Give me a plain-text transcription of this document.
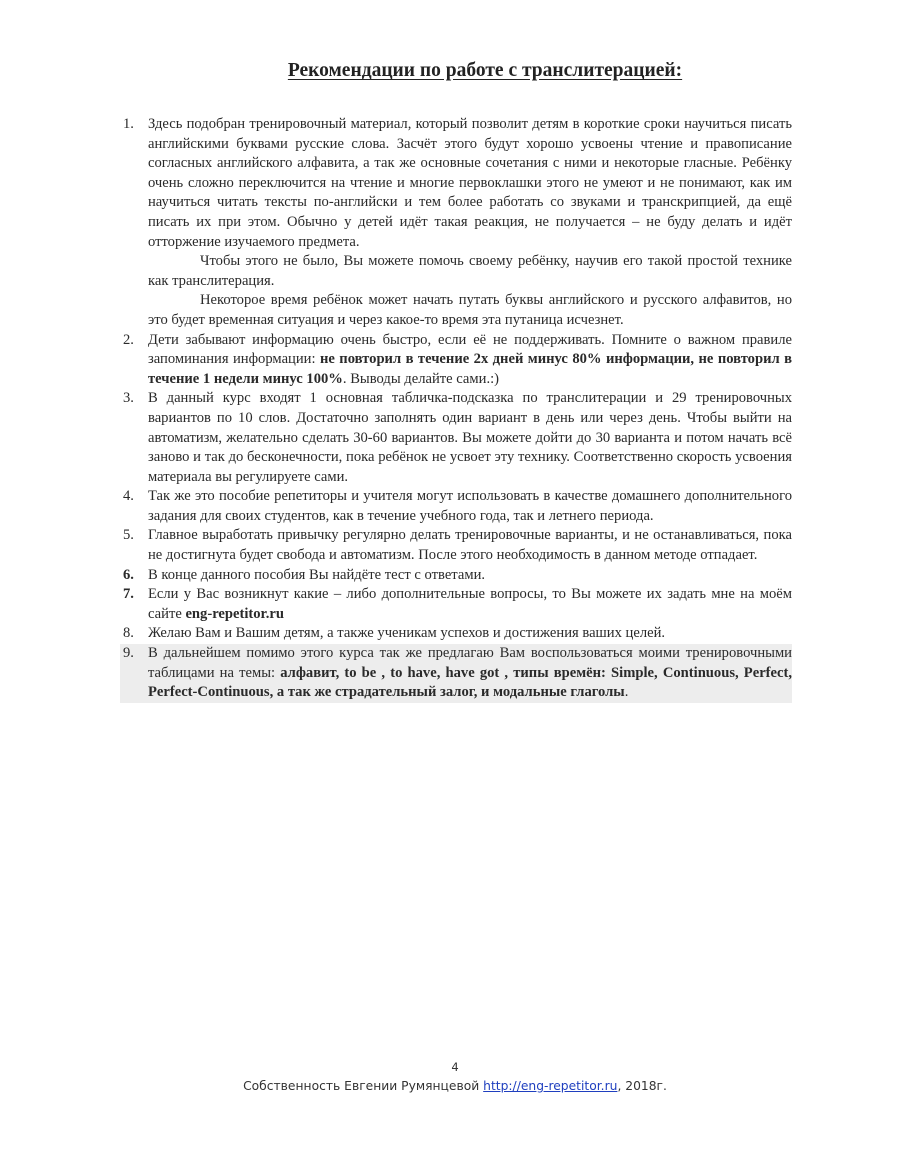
Рекомендации по работе с транслитерацией:
1. Здесь подобран тренировочный материал, который позволит детям в короткие сроки научиться писать английскими буквами русские слова. Засчёт этого будут хорошо усвоены чтение и правописание согласных английского алфавита, а так же основные сочетания с ними и некоторые гласные. Ребёнку очень сложно переключится на чтение и многие первоклашки этого не умеют и не понимают, как им научиться читать тексты по-английски и тем более работать со звуками и транскрипцией, да ещё писать их при этом. Обычно у детей идёт такая реакция, не получается – не буду делать и идёт отторжение изучаемого предмета.
Чтобы этого не было, Вы можете помочь своему ребёнку, научив его такой простой технике как транслитерация.
Некоторое время ребёнок может начать путать буквы английского и русского алфавитов, но это будет временная ситуация и через какое-то время эта путаница исчезнет.
2. Дети забывают информацию очень быстро, если её не поддерживать. Помните о важном правиле запоминания информации: не повторил в течение 2х дней минус 80% информации, не повторил в течение 1 недели минус 100%. Выводы делайте сами.:)
3. В данный курс входят 1 основная табличка-подсказка по транслитерации и 29 тренировочных вариантов по 10 слов. Достаточно заполнять один вариант в день или через день. Чтобы выйти на автоматизм, желательно сделать 30-60 вариантов. Вы можете дойти до 30 варианта и потом начать всё заново и так до бесконечности, пока ребёнок не усвоет эту технику. Соответственно скорость усвоения материала вы регулируете сами.
4. Так же это пособие репетиторы и учителя могут использовать в качестве домашнего дополнительного задания для своих студентов, как в течение учебного года, так и летнего периода.
5. Главное выработать привычку регулярно делать тренировочные варианты, и не останавливаться, пока не достигнута будет свобода и автоматизм. После этого необходимость в данном методе отпадает.
6. В конце данного пособия Вы найдёте тест с ответами.
7. Если у Вас возникнут какие – либо дополнительные вопросы, то Вы можете их задать мне на моём сайте eng-repetitor.ru
8. Желаю Вам и Вашим детям, а также ученикам успехов и достижения ваших целей.
9. В дальнейшем помимо этого курса так же предлагаю Вам воспользоваться моими тренировочными таблицами на темы: алфавит, to be , to have, have got , типы времён: Simple, Continuous, Perfect, Perfect-Continuous, а так же страдательный залог, и модальные глаголы.
4
Собственность Евгении Румянцевой http://eng-repetitor.ru, 2018г.
